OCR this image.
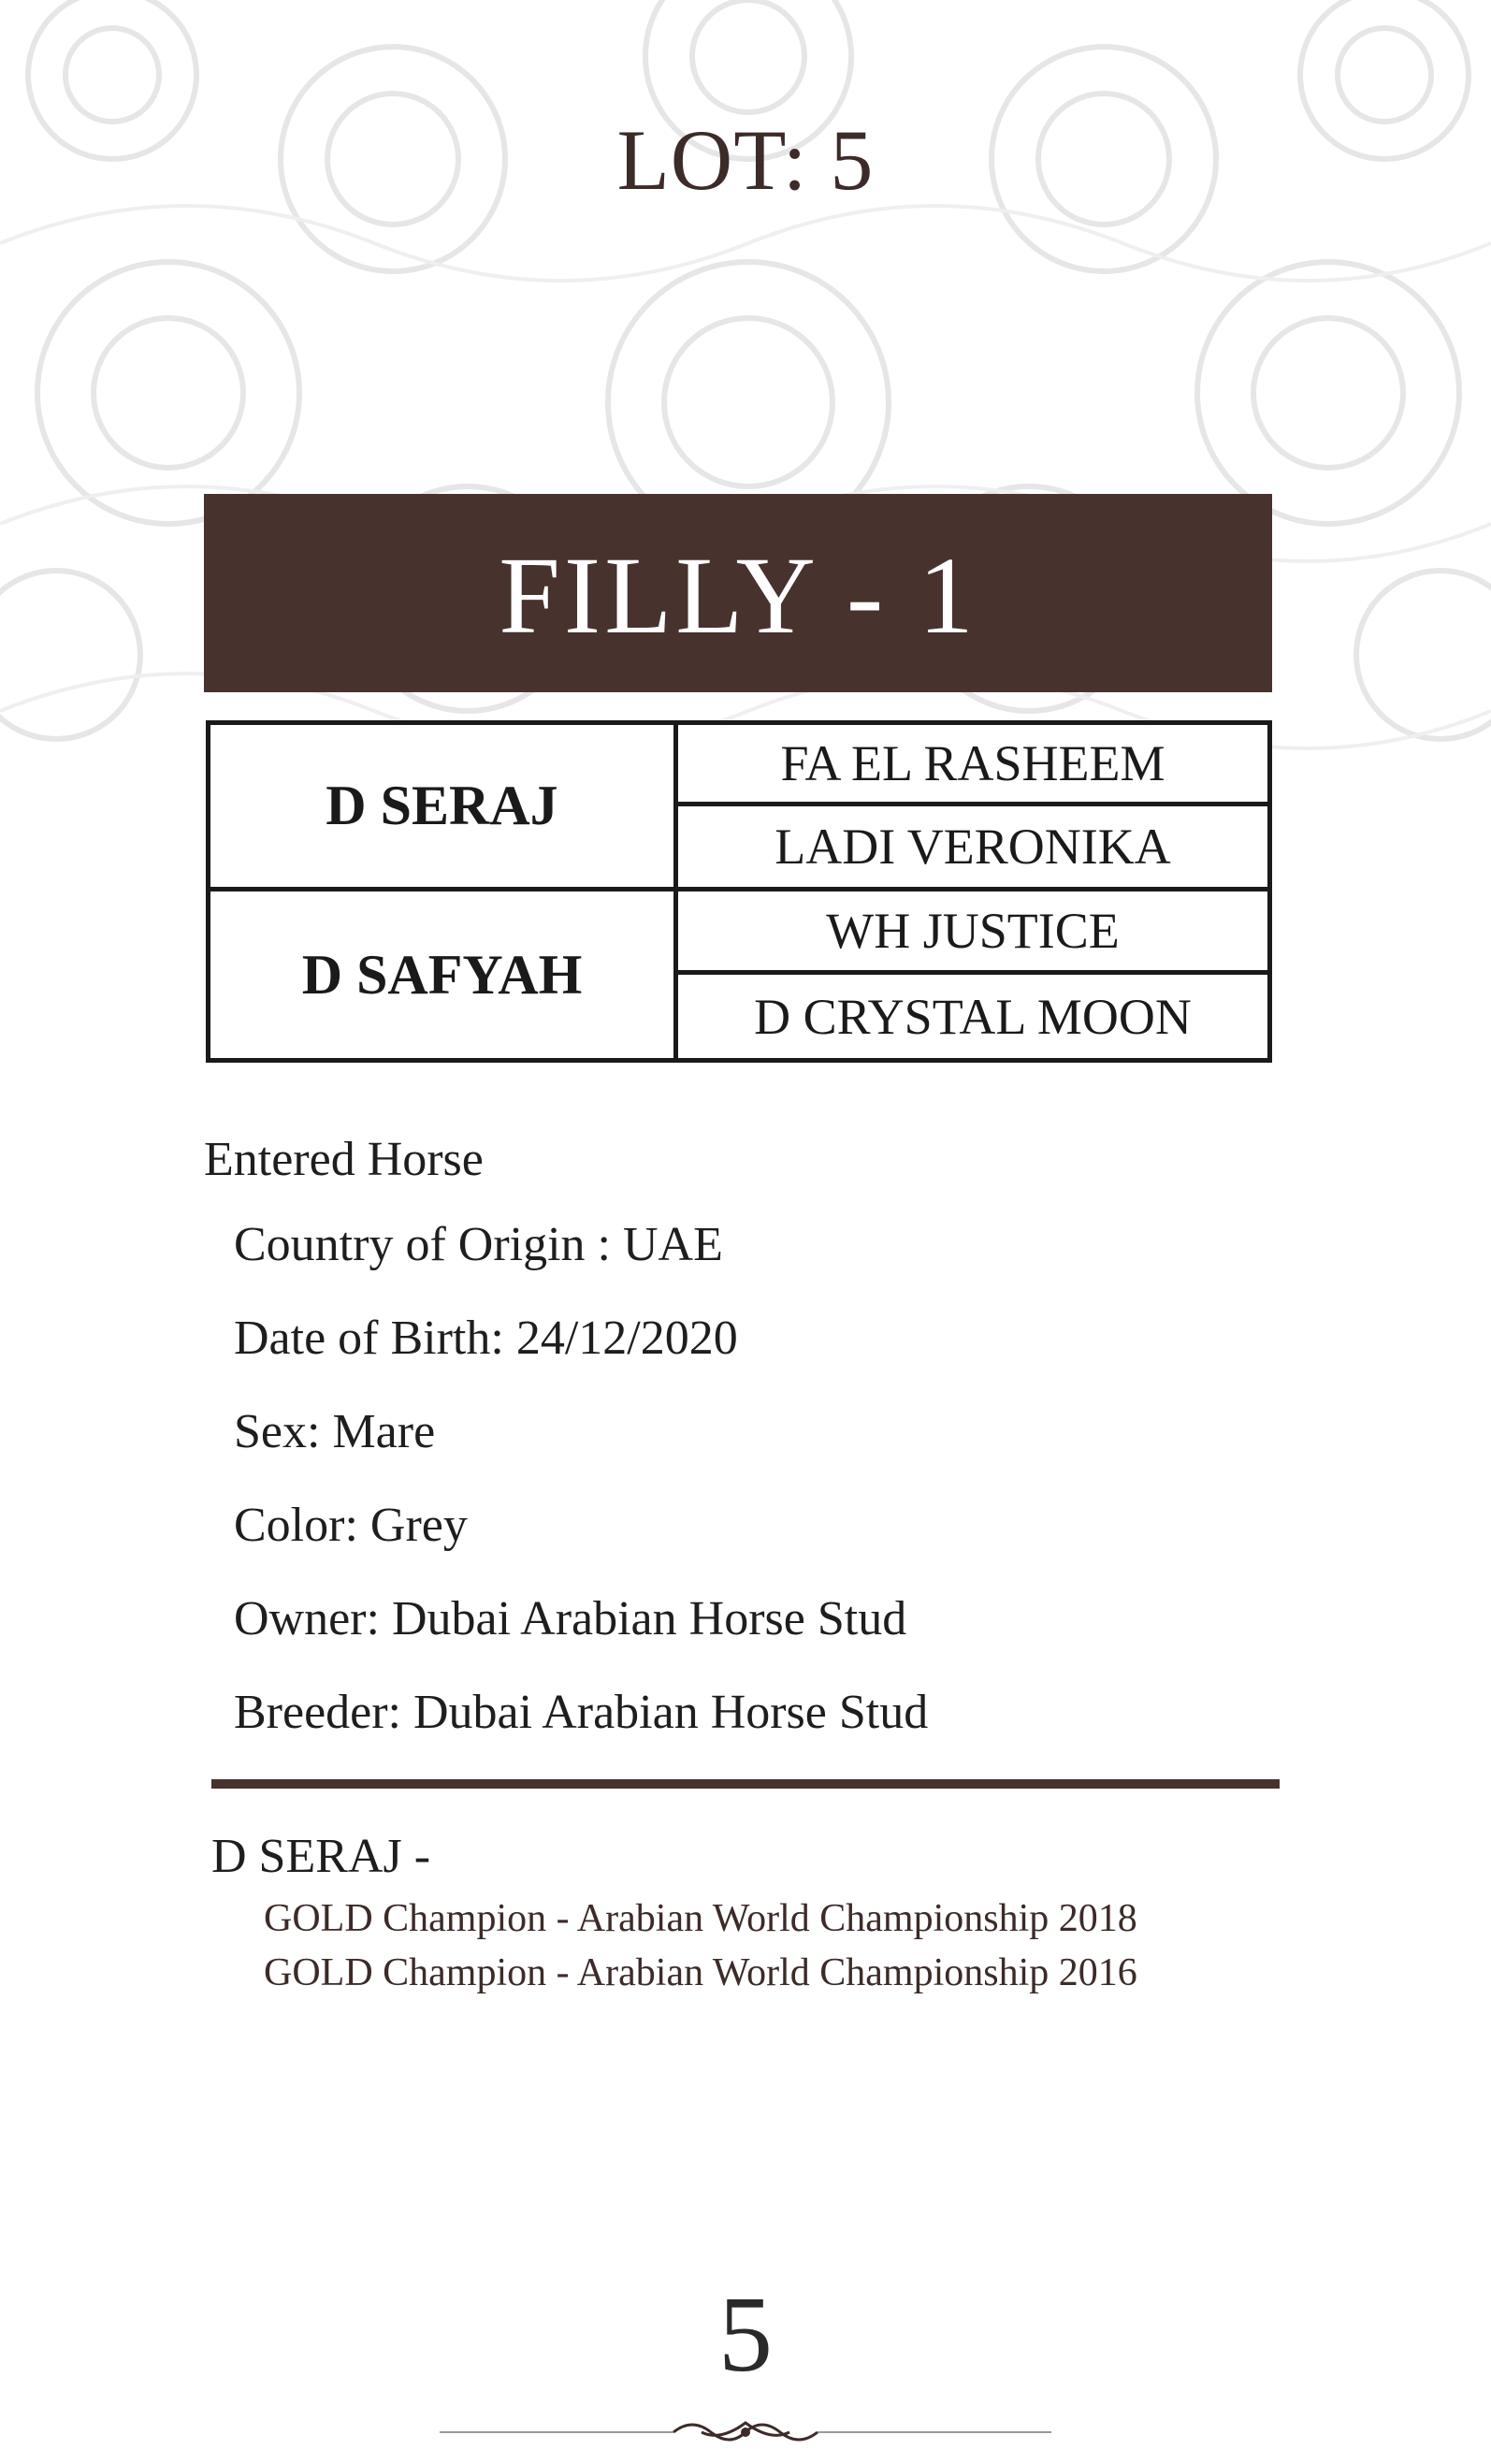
LOT: 5
FILLY - 1
D SERAJ
FA EL RASHEEM
LADI VERONIKA
D SAFYAH
WH JUSTICE
D CRYSTAL MOON
Entered Horse
Country of Origin : UAE
Date of Birth: 24/12/2020
Sex: Mare
Color: Grey
Owner: Dubai Arabian Horse Stud
Breeder: Dubai Arabian Horse Stud
D SERAJ -
GOLD Champion - Arabian World Championship 2018
GOLD Champion - Arabian World Championship 2016
5
